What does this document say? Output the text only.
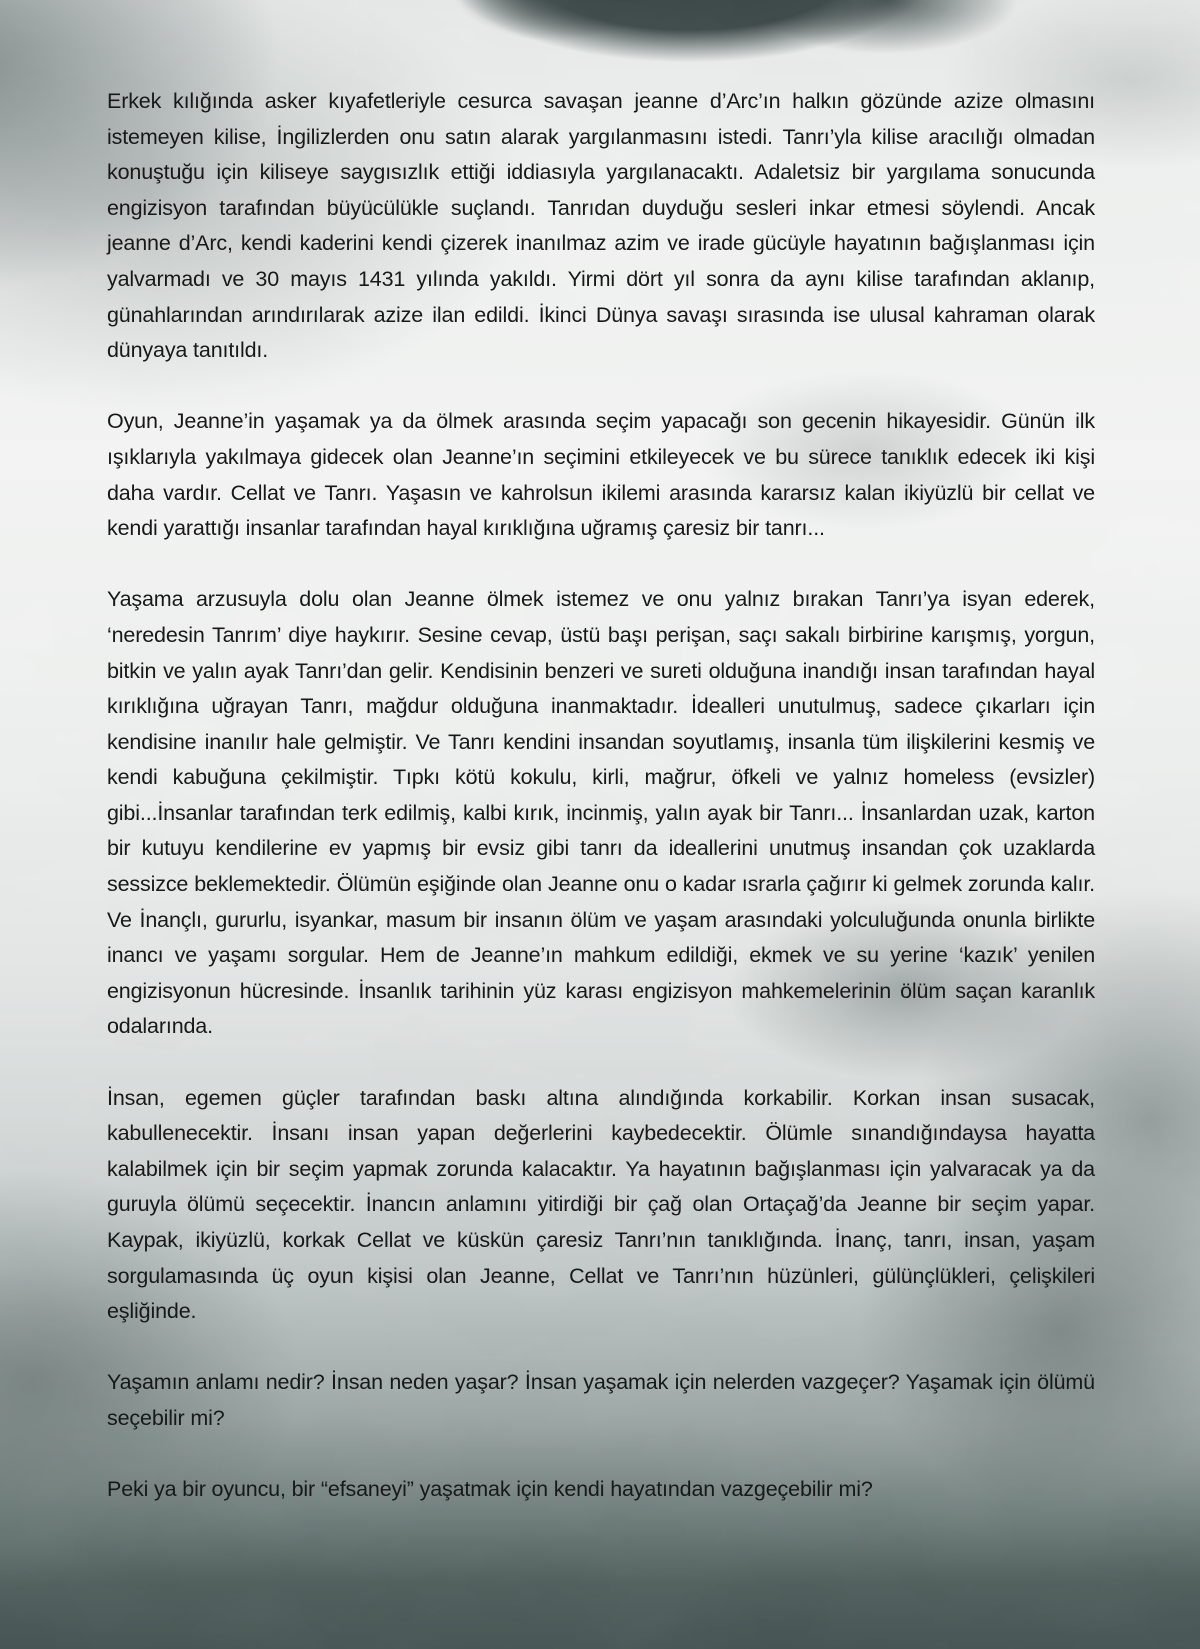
Erkek kılığında asker kıyafetleriyle cesurca savaşan jeanne d’Arc’ın halkın gözünde azize olmasını istemeyen kilise, İngilizlerden onu satın alarak yargılanmasını istedi. Tanrı’yla kilise aracılığı olmadan konuştuğu için kiliseye saygısızlık ettiği iddiasıyla yargılanacaktı. Adaletsiz bir yargılama sonucunda engizisyon tarafından büyücülükle suçlandı. Tanrıdan duyduğu sesleri inkar etmesi söylendi. Ancak jeanne d’Arc, kendi kaderini kendi çizerek inanılmaz azim ve irade gücüyle hayatının bağışlanması için yalvarmadı ve 30 mayıs 1431 yılında yakıldı. Yirmi dört yıl sonra da aynı kilise tarafından aklanıp, günahlarından arındırılarak azize ilan edildi. İkinci Dünya savaşı sırasında ise ulusal kahraman olarak dünyaya tanıtıldı.

Oyun, Jeanne’in yaşamak ya da ölmek arasında seçim yapacağı son gecenin hikayesidir. Günün ilk ışıklarıyla yakılmaya gidecek olan Jeanne’ın seçimini etkileyecek ve bu sürece tanıklık edecek iki kişi daha vardır. Cellat ve Tanrı. Yaşasın ve kahrolsun ikilemi arasında kararsız kalan ikiyüzlü bir cellat ve kendi yarattığı insanlar tarafından hayal kırıklığına uğramış çaresiz bir tanrı...

Yaşama arzusuyla dolu olan Jeanne ölmek istemez ve onu yalnız bırakan Tanrı’ya isyan ederek, ‘neredesin Tanrım’ diye haykırır. Sesine cevap, üstü başı perişan, saçı sakalı birbirine karışmış, yorgun, bitkin ve yalın ayak Tanrı’dan gelir. Kendisinin benzeri ve sureti olduğuna inandığı insan tarafından hayal kırıklığına uğrayan Tanrı, mağdur olduğuna inanmaktadır. İdealleri unutulmuş, sadece çıkarları için kendisine inanılır hale gelmiştir. Ve Tanrı kendini insandan soyutlamış, insanla tüm ilişkilerini kesmiş ve kendi kabuğuna çekilmiştir. Tıpkı kötü kokulu, kirli, mağrur, öfkeli ve yalnız homeless (evsizler) gibi...İnsanlar tarafından terk edilmiş, kalbi kırık, incinmiş, yalın ayak bir Tanrı... İnsanlardan uzak, karton bir kutuyu kendilerine ev yapmış bir evsiz gibi tanrı da ideallerini unutmuş insandan çok uzaklarda sessizce beklemektedir. Ölümün eşiğinde olan Jeanne onu o kadar ısrarla çağırır ki gelmek zorunda kalır. Ve İnançlı, gururlu, isyankar, masum bir insanın ölüm ve yaşam arasındaki yolculuğunda onunla birlikte inancı ve yaşamı sorgular. Hem de Jeanne’ın mahkum edildiği, ekmek ve su yerine ‘kazık’ yenilen engizisyonun hücresinde. İnsanlık tarihinin yüz karası engizisyon mahkemelerinin ölüm saçan karanlık odalarında.

İnsan, egemen güçler tarafından baskı altına alındığında korkabilir. Korkan insan susacak, kabullenecektir. İnsanı insan yapan değerlerini kaybedecektir. Ölümle sınandığındaysa hayatta kalabilmek için bir seçim yapmak zorunda kalacaktır. Ya hayatının bağışlanması için yalvaracak ya da guruyla ölümü seçecektir. İnancın anlamını yitirdiği bir çağ olan Ortaçağ’da Jeanne bir seçim yapar. Kaypak, ikiyüzlü, korkak Cellat ve küskün çaresiz Tanrı’nın tanıklığında. İnanç, tanrı, insan, yaşam sorgulamasında üç oyun kişisi olan Jeanne, Cellat ve Tanrı’nın hüzünleri, gülünçlükleri, çelişkileri eşliğinde.

Yaşamın anlamı nedir? İnsan neden yaşar? İnsan yaşamak için nelerden vazgeçer? Yaşamak için ölümü seçebilir mi?

Peki ya bir oyuncu, bir “efsaneyi” yaşatmak için kendi hayatından vazgeçebilir mi?
